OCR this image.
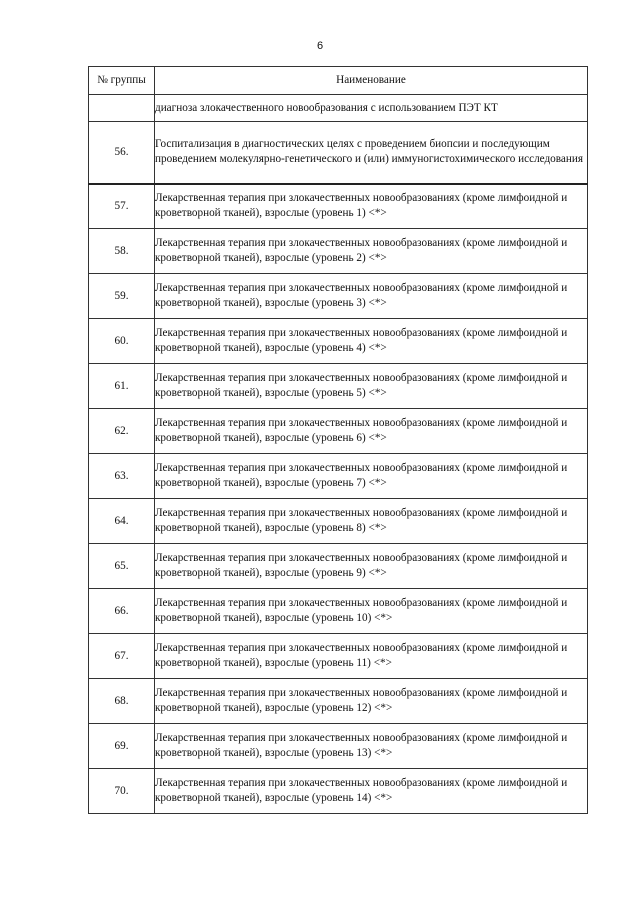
6
№ группы	Наименование
	диагноза злокачественного новообразования с использованием ПЭТ КТ
56.	Госпитализация в диагностических целях с проведением биопсии и последующим проведением молекулярно-генетического и (или) иммуногистохимического исследования
57.	Лекарственная терапия при злокачественных новообразованиях (кроме лимфоидной и кроветворной тканей), взрослые (уровень 1) <*>
58.	Лекарственная терапия при злокачественных новообразованиях (кроме лимфоидной и кроветворной тканей), взрослые (уровень 2) <*>
59.	Лекарственная терапия при злокачественных новообразованиях (кроме лимфоидной и кроветворной тканей), взрослые (уровень 3) <*>
60.	Лекарственная терапия при злокачественных новообразованиях (кроме лимфоидной и кроветворной тканей), взрослые (уровень 4) <*>
61.	Лекарственная терапия при злокачественных новообразованиях (кроме лимфоидной и кроветворной тканей), взрослые (уровень 5) <*>
62.	Лекарственная терапия при злокачественных новообразованиях (кроме лимфоидной и кроветворной тканей), взрослые (уровень 6) <*>
63.	Лекарственная терапия при злокачественных новообразованиях (кроме лимфоидной и кроветворной тканей), взрослые (уровень 7) <*>
64.	Лекарственная терапия при злокачественных новообразованиях (кроме лимфоидной и кроветворной тканей), взрослые (уровень 8) <*>
65.	Лекарственная терапия при злокачественных новообразованиях (кроме лимфоидной и кроветворной тканей), взрослые (уровень 9) <*>
66.	Лекарственная терапия при злокачественных новообразованиях (кроме лимфоидной и кроветворной тканей), взрослые (уровень 10) <*>
67.	Лекарственная терапия при злокачественных новообразованиях (кроме лимфоидной и кроветворной тканей), взрослые (уровень 11) <*>
68.	Лекарственная терапия при злокачественных новообразованиях (кроме лимфоидной и кроветворной тканей), взрослые (уровень 12) <*>
69.	Лекарственная терапия при злокачественных новообразованиях (кроме лимфоидной и кроветворной тканей), взрослые (уровень 13) <*>
70.	Лекарственная терапия при злокачественных новообразованиях (кроме лимфоидной и кроветворной тканей), взрослые (уровень 14) <*>
